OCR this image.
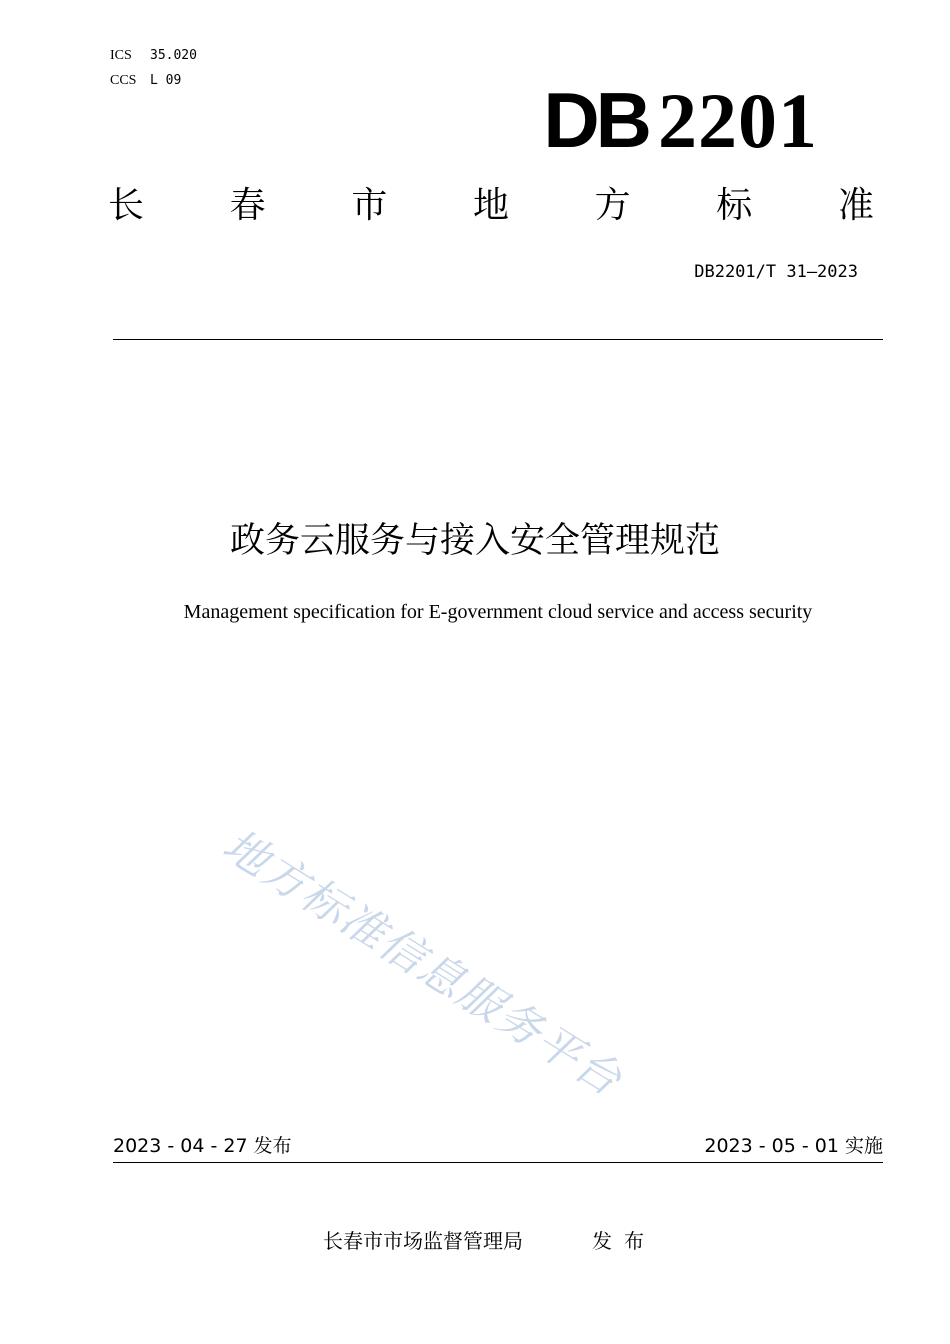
ICS 35.020
CCS L 09	DB 2201
长 春 市 地 方 标 准
DB2201/T 31—2023
政务云服务与接入安全管理规范
Management specification for E-government cloud service and access security
地方标准信息服务平台
2023 - 04 - 27 发布	2023 - 05 - 01 实施
长春市市场监督管理局	发布
